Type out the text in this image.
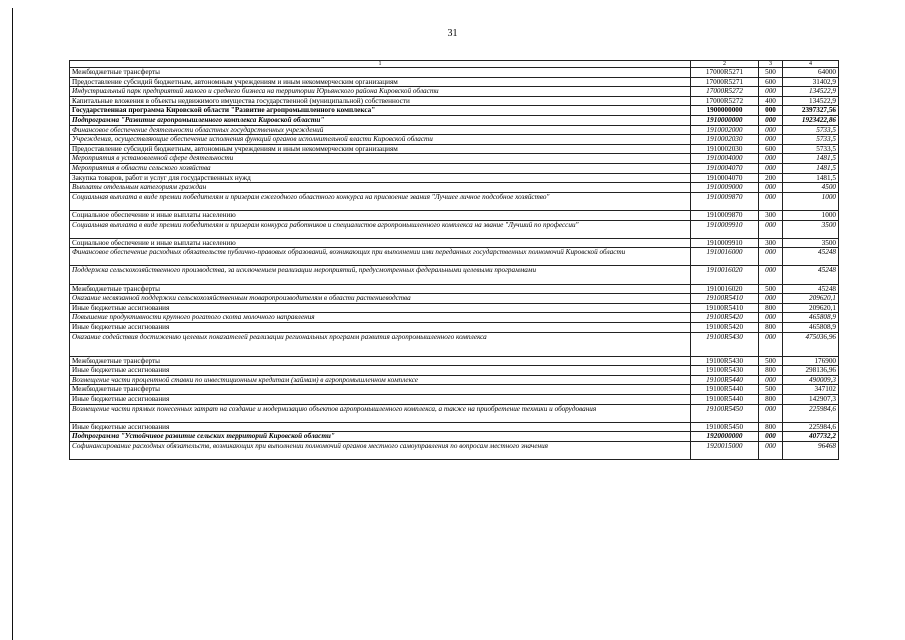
31
1	2	3	4
Межбюджетные трансферты	17000R5271	500	64000
Предоставление субсидий бюджетным, автономным учреждениям и иным некоммерческим организациям	17000R5271	600	31402,9
Индустриальный парк предприятий малого и среднего бизнеса на территории Юрьянского района Кировской области	17000R5272	000	134522,9
Капитальные вложения в объекты недвижимого имущества государственной (муниципальной) собственности	17000R5272	400	134522,9
Государственная программа Кировской области "Развитие агропромышленного комплекса"	1900000000	000	2397327,56
Подпрограмма "Развитие агропромышленного комплекса Кировской области"	1910000000	000	1923422,86
Финансовое обеспечение деятельности областных государственных учреждений	1910002000	000	5733,5
Учреждения, осуществляющие обеспечение исполнения функций органов исполнительной власти Кировской области	1910002030	000	5733,5
Предоставление субсидий бюджетным, автономным учреждениям и иным некоммерческим организациям	1910002030	600	5733,5
Мероприятия в установленной сфере деятельности	1910004000	000	1481,5
Мероприятия в области сельского хозяйства	1910004070	000	1481,5
Закупка товаров, работ и услуг для государственных нужд	1910004070	200	1481,5
Выплаты отдельным категориям граждан	1910009000	000	4500
Социальная выплата в виде премии победителям и призерам ежегодного областного конкурса на присвоение звания "Лучшее личное подсобное хозяйство"	1910009870	000	1000
Социальное обеспечение и иные выплаты населению	1910009870	300	1000
Социальная выплата в виде премии победителям и призерам конкурса работников и специалистов агропромышленного комплекса на звание "Лучший по профессии"	1910009910	000	3500
Социальное обеспечение и иные выплаты населению	1910009910	300	3500
Финансовое обеспечение расходных обязательств публично-правовых образований, возникающих при выполнении ими переданных государственных полномочий Кировской области	1910016000	000	45248
Поддержка сельскохозяйственного производства, за исключением реализации мероприятий, предусмотренных федеральными целевыми программами	1910016020	000	45248
Межбюджетные трансферты	1910016020	500	45248
Оказание несвязанной поддержки сельскохозяйственным товаропроизводителям в области растениеводства	19100R5410	000	209620,1
Иные бюджетные ассигнования	19100R5410	800	209620,1
Повышение продуктивности крупного рогатого скота молочного направления	19100R5420	000	465808,9
Иные бюджетные ассигнования	19100R5420	800	465808,9
Оказание содействия достижению целевых показателей реализации региональных программ развития агропромышленного комплекса	19100R5430	000	475036,96
Межбюджетные трансферты	19100R5430	500	176900
Иные бюджетные ассигнования	19100R5430	800	298136,96
Возмещение части процентной ставки по инвестиционным кредитам (займам) в агропромышленном комплексе	19100R5440	000	490009,3
Межбюджетные трансферты	19100R5440	500	347102
Иные бюджетные ассигнования	19100R5440	800	142907,3
Возмещение части прямых понесенных затрат на создание и модернизацию объектов агропромышленного комплекса, а также на приобретение техники и оборудования	19100R5450	000	225984,6
Иные бюджетные ассигнования	19100R5450	800	225984,6
Подпрограмма "Устойчивое развитие сельских территорий Кировской области"	1920000000	000	407732,2
Софинансирование расходных обязательств, возникающих при выполнении полномочий органов местного самоуправления по вопросам местного значения	1920015000	000	96468
